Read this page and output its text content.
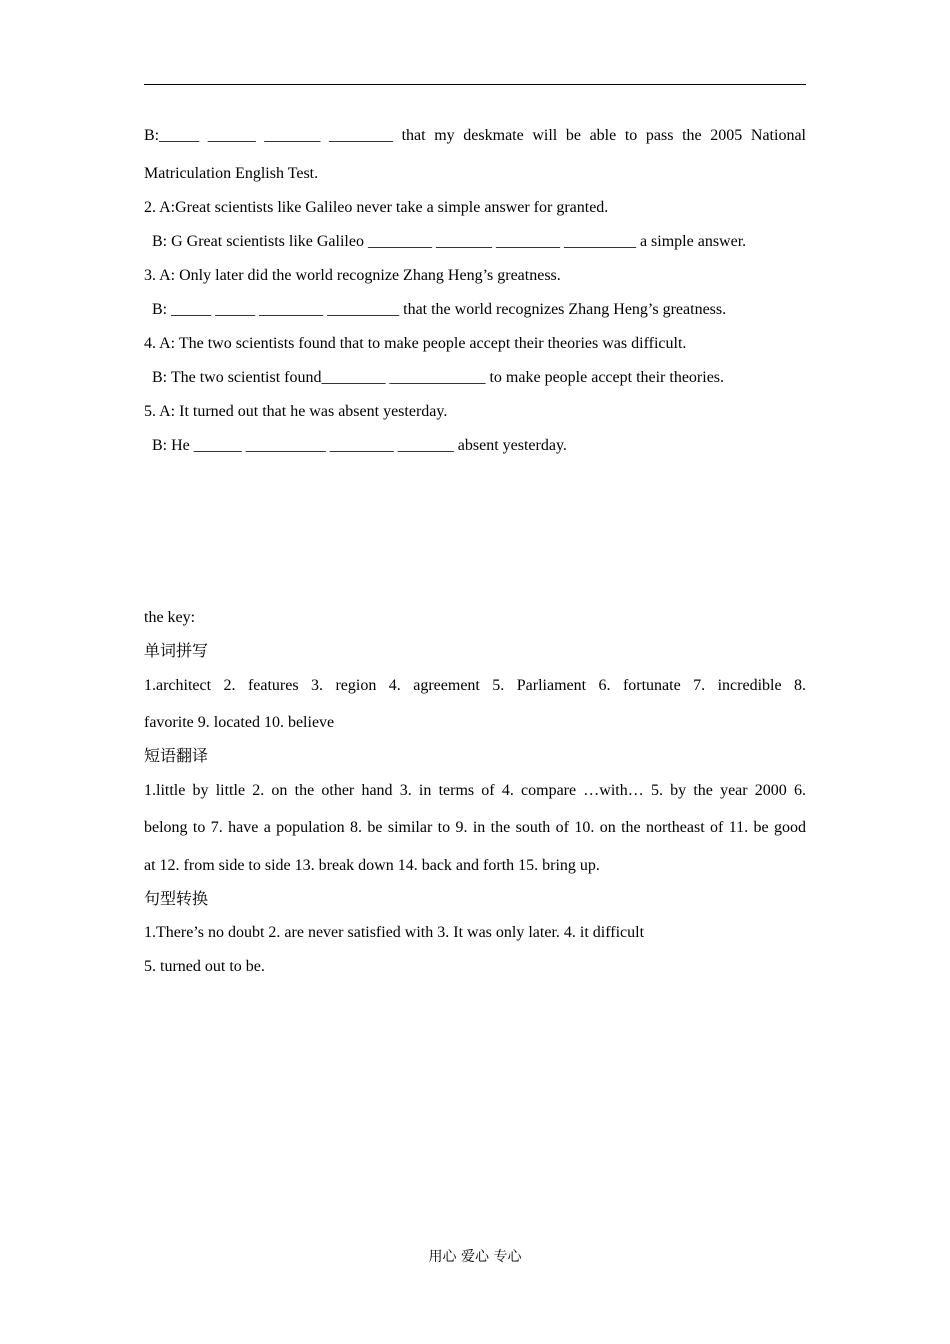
B:_____ ______ _______ ________ that my deskmate will be able to pass the 2005 National
Matriculation English Test.
2. A:Great scientists like Galileo never take a simple answer for granted.
B: G Great scientists like Galileo ________ _______ ________ _________ a simple answer.
3. A: Only later did the world recognize Zhang Heng’s greatness.
B: _____ _____ ________ _________ that the world recognizes Zhang Heng’s greatness.
4. A: The two scientists found that to make people accept their theories was difficult.
B: The two scientist found________ ____________ to make people accept their theories.
5. A: It turned out that he was absent yesterday.
B: He ______ __________ ________ _______ absent yesterday.
the key:
单词拼写
1.architect 2. features 3. region 4. agreement 5. Parliament 6. fortunate 7. incredible 8.
favorite 9. located 10. believe
短语翻译
1.little by little 2. on the other hand 3. in terms of 4. compare …with… 5. by the year 2000 6.
belong to 7. have a population 8. be similar to 9. in the south of 10. on the northeast of 11. be good
at 12. from side to side 13. break down 14. back and forth 15. bring up.
句型转换
1.There’s no doubt 2. are never satisfied with 3. It was only later. 4. it difficult
5. turned out to be.
用心 爱心 专心
